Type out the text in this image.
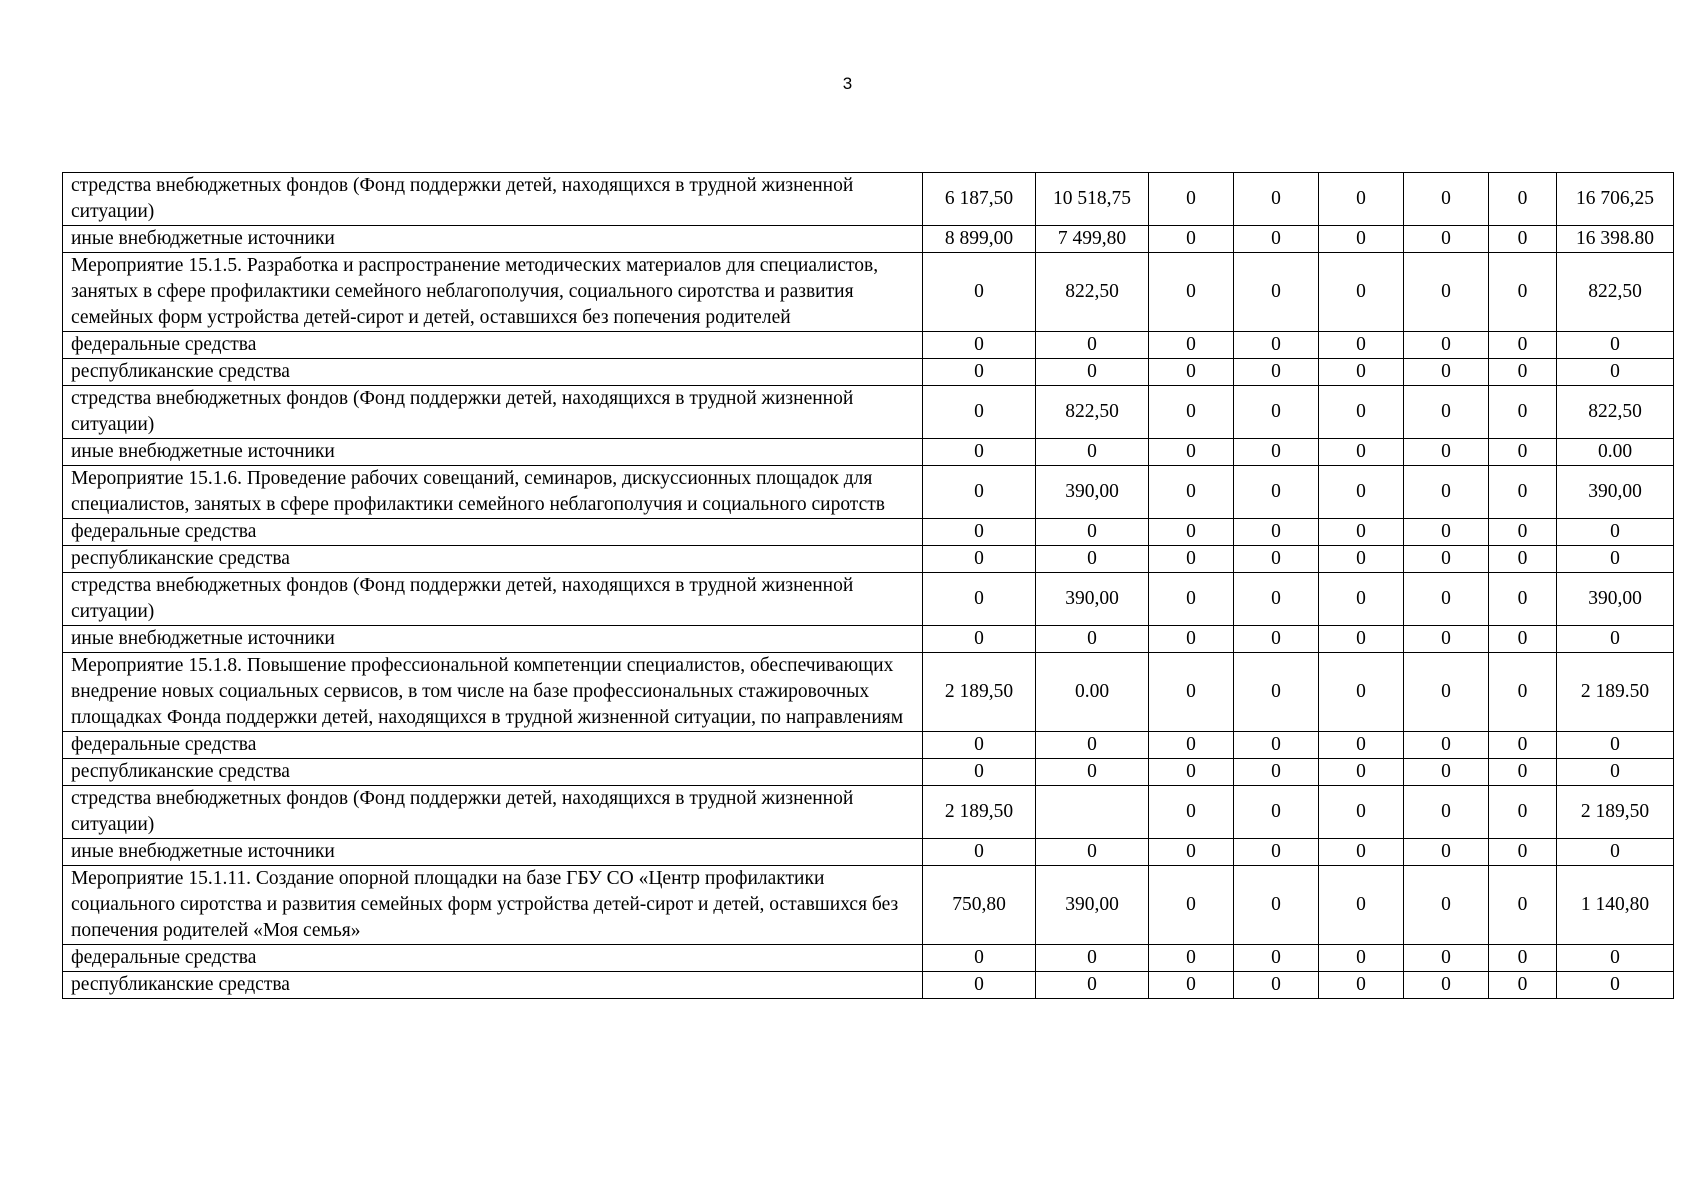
3
стредства внебюджетных фондов (Фонд поддержки детей, находящихся в трудной жизненной ситуации)	6 187,50	10 518,75	0	0	0	0	0	16 706,25
иные внебюджетные источники	8 899,00	7 499,80	0	0	0	0	0	16 398.80
Мероприятие 15.1.5. Разработка и распространение методических материалов для специалистов, занятых в сфере профилактики семейного неблагополучия, социального сиротства и развития семейных форм устройства детей-сирот и детей, оставшихся без попечения родителей	0	822,50	0	0	0	0	0	822,50
федеральные средства	0	0	0	0	0	0	0	0
республиканские средства	0	0	0	0	0	0	0	0
стредства внебюджетных фондов (Фонд поддержки детей, находящихся в трудной жизненной ситуации)	0	822,50	0	0	0	0	0	822,50
иные внебюджетные источники	0	0	0	0	0	0	0	0.00
Мероприятие 15.1.6. Проведение рабочих совещаний, семинаров, дискуссионных площадок для специалистов, занятых в сфере профилактики семейного неблагополучия и социального сиротств	0	390,00	0	0	0	0	0	390,00
федеральные средства	0	0	0	0	0	0	0	0
республиканские средства	0	0	0	0	0	0	0	0
стредства внебюджетных фондов (Фонд поддержки детей, находящихся в трудной жизненной ситуации)	0	390,00	0	0	0	0	0	390,00
иные внебюджетные источники	0	0	0	0	0	0	0	0
Мероприятие 15.1.8. Повышение профессиональной компетенции специалистов, обеспечивающих внедрение новых социальных сервисов, в том числе на базе профессиональных стажировочных площадках Фонда поддержки детей, находящихся в трудной жизненной ситуации, по направлениям	2 189,50	0.00	0	0	0	0	0	2 189.50
федеральные средства	0	0	0	0	0	0	0	0
республиканские средства	0	0	0	0	0	0	0	0
стредства внебюджетных фондов (Фонд поддержки детей, находящихся в трудной жизненной ситуации)	2 189,50		0	0	0	0	0	2 189,50
иные внебюджетные источники	0	0	0	0	0	0	0	0
Мероприятие 15.1.11. Создание опорной площадки на базе ГБУ СО «Центр профилактики социального сиротства и развития семейных форм устройства детей-сирот и детей, оставшихся без попечения родителей «Моя семья»	750,80	390,00	0	0	0	0	0	1 140,80
федеральные средства	0	0	0	0	0	0	0	0
республиканские средства	0	0	0	0	0	0	0	0
